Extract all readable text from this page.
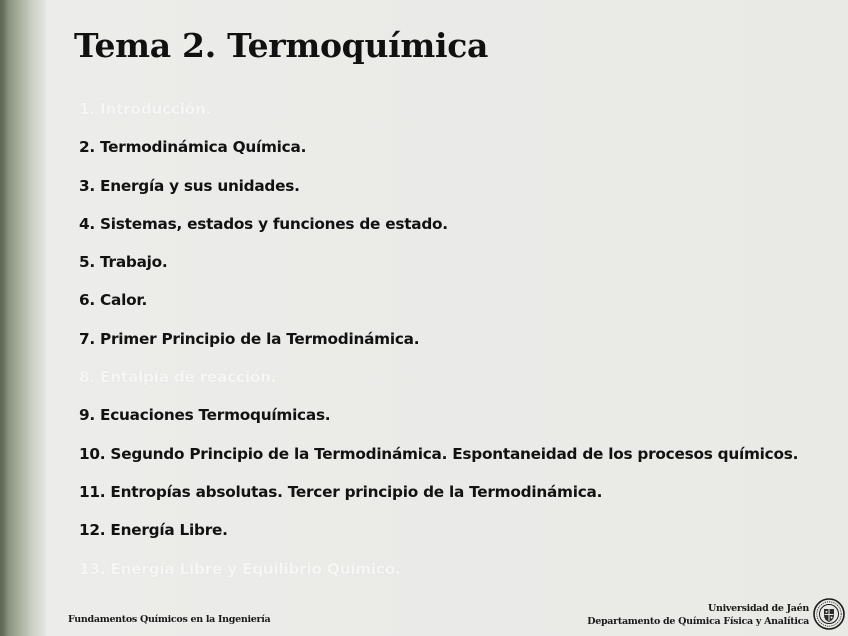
Tema 2. Termoquímica
1. Introducción.
2. Termodinámica Química.
3. Energía y sus unidades.
4. Sistemas, estados y funciones de estado.
5. Trabajo.
6. Calor.
7. Primer Principio de la Termodinámica.
8. Entalpía de reacción.
9. Ecuaciones Termoquímicas.
10. Segundo Principio de la Termodinámica. Espontaneidad de los procesos químicos.
11. Entropías absolutas. Tercer principio de la Termodinámica.
12. Energía Libre.
13. Energía Libre y Equilibrio Químico.
Fundamentos Químicos en la Ingeniería
Universidad de Jaén
Departamento de Química Física y Analítica
